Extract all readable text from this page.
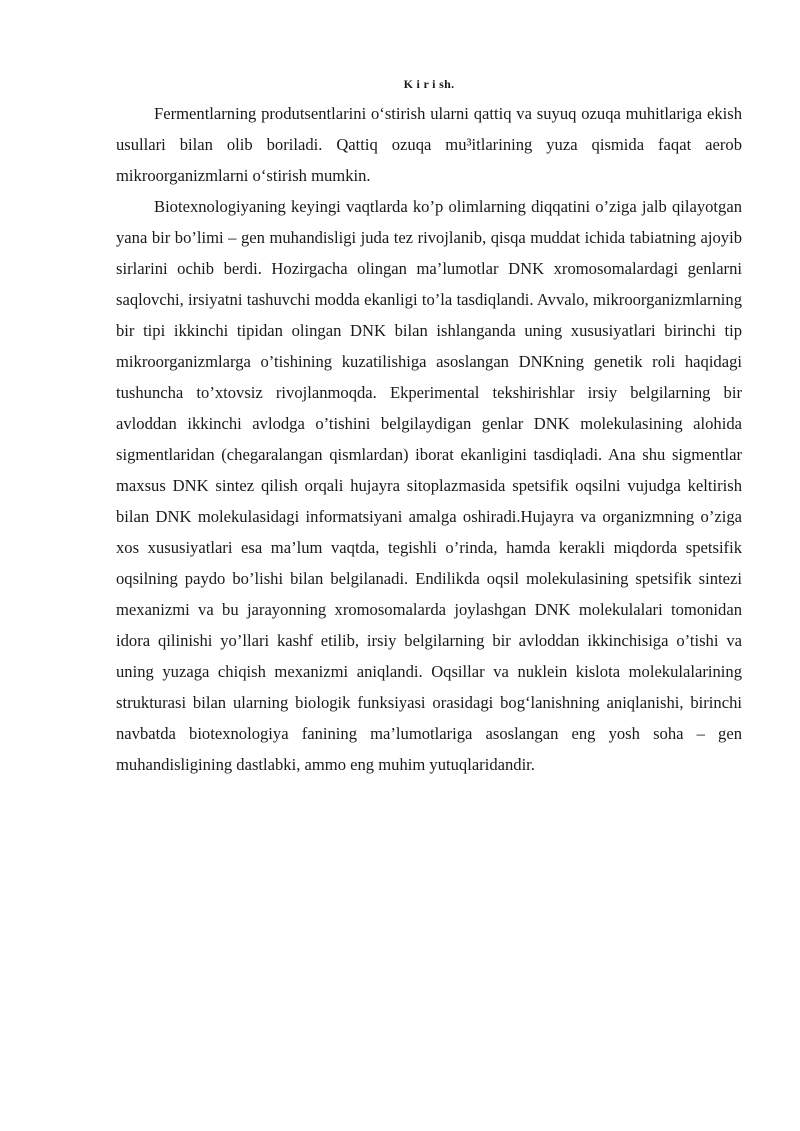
K i r i sh.

Fermentlarning produtsentlarini o‘stirish ularni qattiq va suyuq ozuqa muhitlariga ekish usullari bilan olib boriladi. Qattiq ozuqa mu³itlarining yuza qismida faqat aerob mikroorganizmlarni o‘stirish mumkin.

Biotexnologiyaning keyingi vaqtlarda ko’p olimlarning diqqatini o’ziga jalb qilayotgan yana bir bo’limi – gen muhandisligi juda tez rivojlanib, qisqa muddat ichida tabiatning ajoyib sirlarini ochib berdi. Hozirgacha olingan ma’lumotlar DNK xromosomalardagi genlarni saqlovchi, irsiyatni tashuvchi modda ekanligi to’la tasdiqlandi. Avvalo, mikroorganizmlarning bir tipi ikkinchi tipidan olingan DNK bilan ishlanganda uning xususiyatlari birinchi tip mikroorganizmlarga o’tishining kuzatilishiga asoslangan DNKning genetik roli haqidagi tushuncha to’xtovsiz rivojlanmoqda. Ekperimental tekshirishlar irsiy belgilarning bir avloddan ikkinchi avlodga o’tishini belgilaydigan genlar DNK molekulasining alohida sigmentlaridan (chegaralangan qismlardan) iborat ekanligini tasdiqladi. Ana shu sigmentlar maxsus DNK sintez qilish orqali hujayra sitoplazmasida spetsifik oqsilni vujudga keltirish bilan DNK molekulasidagi informatsiyani amalga oshiradi.Hujayra va organizmning o’ziga xos xususiyatlari esa ma’lum vaqtda, tegishli o’rinda, hamda kerakli miqdorda spetsifik oqsilning paydo bo’lishi bilan belgilanadi. Endilikda oqsil molekulasining spetsifik sintezi mexanizmi va bu jarayonning xromosomalarda joylashgan DNK molekulalari tomonidan idora qilinishi yo’llari kashf etilib, irsiy belgilarning bir avloddan ikkinchisiga o’tishi va uning yuzaga chiqish mexanizmi aniqlandi. Oqsillar va nuklein kislota molekulalarining strukturasi bilan ularning biologik funksiyasi orasidagi bog‘lanishning aniqlanishi, birinchi navbatda biotexnologiya fanining ma’lumotlariga asoslangan eng yosh soha – gen muhandisligining dastlabki, ammo eng muhim yutuqlaridandir.
